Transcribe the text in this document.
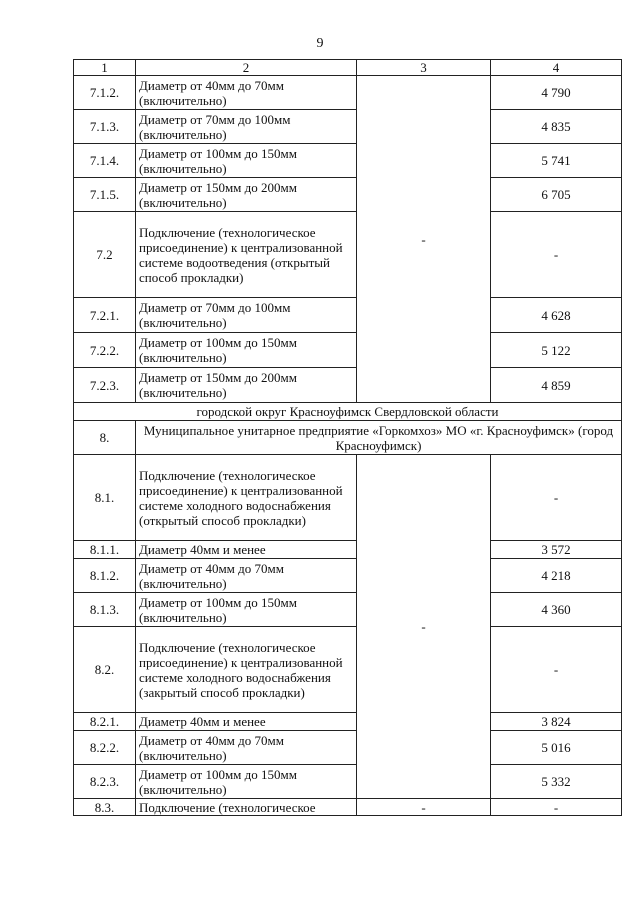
9
1	2	3	4
7.1.2.	Диаметр от 40мм до 70мм (включительно)	-	4 790
7.1.3.	Диаметр от 70мм до 100мм (включительно)		4 835
7.1.4.	Диаметр от 100мм до 150мм (включительно)		5 741
7.1.5.	Диаметр от 150мм до 200мм (включительно)		6 705
7.2	Подключение (технологическое присоединение) к централизованной системе водоотведения (открытый способ прокладки)		-
7.2.1.	Диаметр от 70мм до 100мм (включительно)		4 628
7.2.2.	Диаметр от 100мм до 150мм (включительно)		5 122
7.2.3.	Диаметр от 150мм до 200мм (включительно)		4 859
городской округ Красноуфимск Свердловской области			
8.	Муниципальное унитарное предприятие «Горкомхоз» МО «г. Красноуфимск» (город Красноуфимск)		
8.1.	Подключение (технологическое присоединение) к централизованной системе холодного водоснабжения (открытый способ прокладки)	-	-
8.1.1.	Диаметр 40мм и менее		3 572
8.1.2.	Диаметр от 40мм до 70мм (включительно)		4 218
8.1.3.	Диаметр от 100мм до 150мм (включительно)		4 360
8.2.	Подключение (технологическое присоединение) к централизованной системе холодного водоснабжения (закрытый способ прокладки)		-
8.2.1.	Диаметр 40мм и менее		3 824
8.2.2.	Диаметр от 40мм до 70мм (включительно)		5 016
8.2.3.	Диаметр от 100мм до 150мм (включительно)		5 332
8.3.	Подключение (технологическое	-	-
